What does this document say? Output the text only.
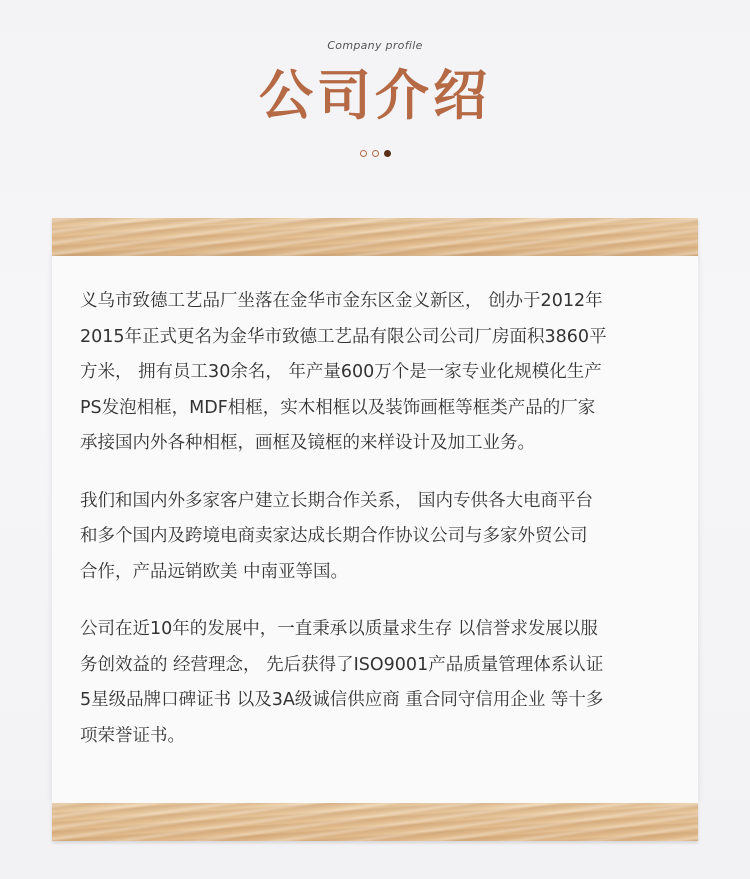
Company profile
公司介绍

义乌市致德工艺品厂坐落在金华市金东区金义新区， 创办于2012年
2015年正式更名为金华市致德工艺品有限公司公司厂房面积3860平
方米， 拥有员工30余名， 年产量600万个是一家专业化规模化生产
PS发泡相框，MDF相框，实木相框以及装饰画框等框类产品的厂家
承接国内外各种相框，画框及镜框的来样设计及加工业务。

我们和国内外多家客户建立长期合作关系， 国内专供各大电商平台
和多个国内及跨境电商卖家达成长期合作协议公司与多家外贸公司
合作，产品远销欧美 中南亚等国。

公司在近10年的发展中，一直秉承以质量求生存 以信誉求发展以服
务创效益的 经营理念， 先后获得了ISO9001产品质量管理体系认证
5星级品牌口碑证书 以及3A级诚信供应商 重合同守信用企业 等十多
项荣誉证书。
